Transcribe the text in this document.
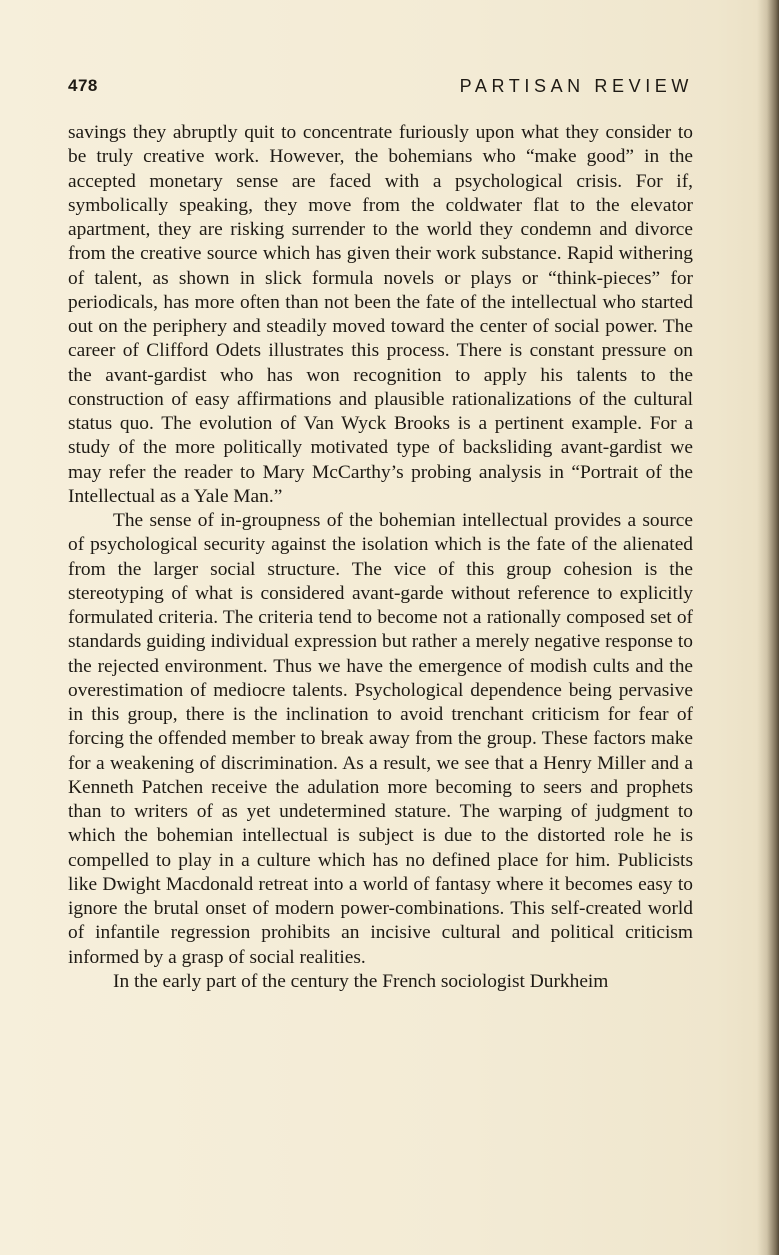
478	PARTISAN REVIEW

savings they abruptly quit to concentrate furiously upon what they consider to be truly creative work. However, the bohemians who “make good” in the accepted monetary sense are faced with a psychological crisis. For if, symbolically speaking, they move from the coldwater flat to the elevator apartment, they are risking surrender to the world they condemn and divorce from the creative source which has given their work substance. Rapid withering of talent, as shown in slick formula novels or plays or “think-pieces” for periodicals, has more often than not been the fate of the intellectual who started out on the periphery and steadily moved toward the center of social power. The career of Clifford Odets illustrates this process. There is constant pressure on the avant-gardist who has won recognition to apply his talents to the construction of easy affirmations and plausible rationalizations of the cultural status quo. The evolution of Van Wyck Brooks is a pertinent example. For a study of the more politically motivated type of backsliding avant-gardist we may refer the reader to Mary McCarthy’s probing analysis in “Portrait of the Intellectual as a Yale Man.”

The sense of in-groupness of the bohemian intellectual provides a source of psychological security against the isolation which is the fate of the alienated from the larger social structure. The vice of this group cohesion is the stereotyping of what is considered avant-garde without reference to explicitly formulated criteria. The criteria tend to become not a rationally composed set of standards guiding individual expression but rather a merely negative response to the rejected environment. Thus we have the emergence of modish cults and the overestimation of mediocre talents. Psychological dependence being pervasive in this group, there is the inclination to avoid trenchant criticism for fear of forcing the offended member to break away from the group. These factors make for a weakening of discrimination. As a result, we see that a Henry Miller and a Kenneth Patchen receive the adulation more becoming to seers and prophets than to writers of as yet undetermined stature. The warping of judgment to which the bohemian intellectual is subject is due to the distorted role he is compelled to play in a culture which has no defined place for him. Publicists like Dwight Macdonald retreat into a world of fantasy where it becomes easy to ignore the brutal onset of modern power-combinations. This self-created world of infantile regression prohibits an incisive cultural and political criticism informed by a grasp of social realities.

In the early part of the century the French sociologist Durkheim
